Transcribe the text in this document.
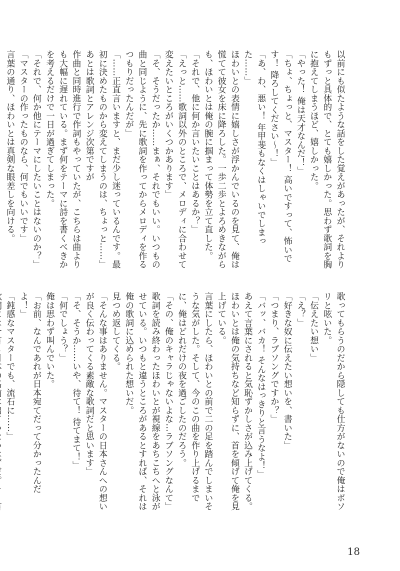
以前にも似たような話をした覚えがあったが、それよりもずっと具体的で、とても嬉しかった。思わず歌詞を胸に抱えてしまうほど、嬉しかった。
「やった！ 俺は天才なんだ！」
「ちょ、ちょっと、マスター！ 高いですって、怖いです！ 降ろしてください〜！」
「あ、わ、悪い！ 年甲斐もなくはしゃいでしまった……」
ほわいとの表情に嬉しさが浮かんでいるのを見て、俺は慌てて彼女を床に降ろした。一歩二歩とよろめきながらも、ほわいとは俺の腕に掴まって体勢を立て直した。
「それで、他に何か言いたいことはあるか？」
「えっと……歌詞以外のところで、メロディに合わせて変えたいところがいくつかあります」
「そ、そうだったか……まぁ、それでもいい。いつもの曲と同じように、先に歌詞を作ってからメロディを作るつもりだったんだが」
「……正直言いますと、まだ少し迷っているんです。最初に決めたものから変えてしまうのは、ちょっと……」
あとは歌詞とアレンジ次第ですが
作曲と同時進行で作詞もやっていたが、こちらは曲よりも大幅に遅れている。まず何をテーマに詩を書くべきかを考えるだけで一日が過ぎてしまった。
「それで、何か他にテーマにしたいことはないのか？」
「マスターの作ったものなら、何でもいいです」
言葉の通り、ほわいとは真剣な眼差しを向ける。
歌ってもらうのだから隠しても仕方がないので俺はボソリと呟いた。
「伝えたい想い」
「え？」
「好きな奴に伝えたい想いを、書いた」
「つまり、ラブソングですか？」
「バッ、バカ！ そんなはっきりと言うなよ！」
あえて言葉にされると気恥ずかしさが込み上げてくる。ほわいとは俺の気持ちなど知らずに、首を傾げて俺を見上げている。
言葉にしたら、ほわいとの前で二の足を踏んでしまいそうな気がした。そして、今のこの曲を作り上げるまでに、俺はどれだけの夜を過ごしたのだろう。
「その、俺のキャラじゃないよな…ラブソングなんて」
歌詞を読み終わったほわいとが視線をあちこちへと泳がせている。いつもと違うところがあるとすれば、それは俺の歌詞に込められた想いだ。
見つめ返してくる。
「そんな事はありません。マスターの日本さんへの想いが良く伝わってくる素敵な歌詞だと思います」
「そ、そうか……いや、待て！ 待てまて！」
「何でしょう？」
俺は思わず叫んでいた。
「お前、なんであれが日本宛てだって分かったんだよ！」
「鈍感なマスターでも、流石に……」

18
